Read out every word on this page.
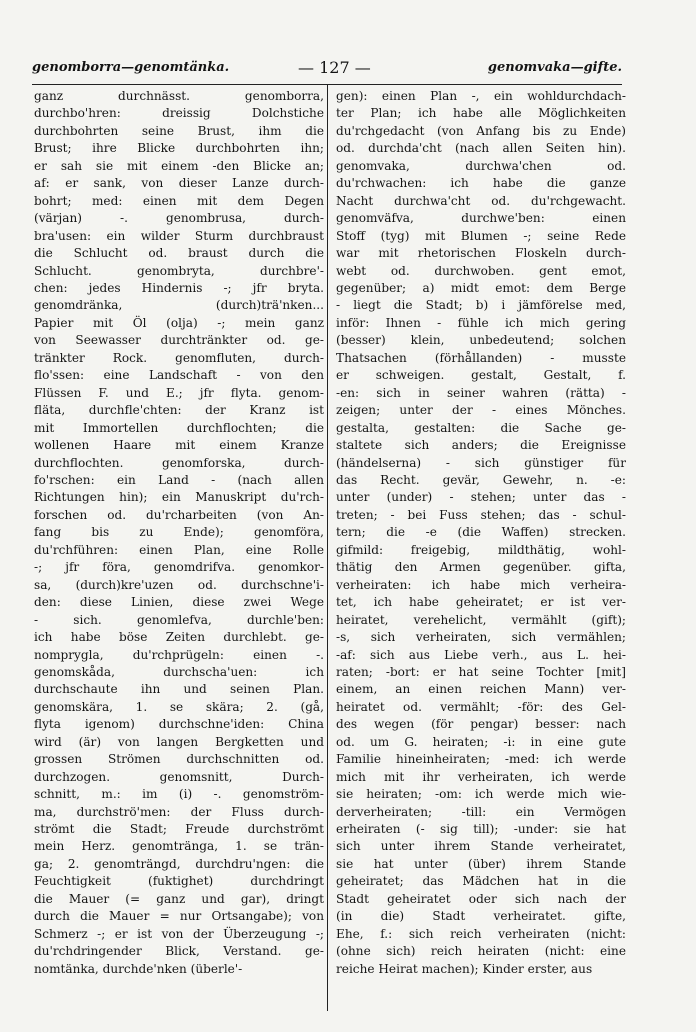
genomborra—genomtänka.	— 127 —	genomvaka—gifte.
ganz durchnässt. genomborra,
durchbo'hren: dreissig Dolchstiche
durchbohrten seine Brust, ihm die
Brust; ihre Blicke durchbohrten ihn;
er sah sie mit einem -den Blicke an;
af: er sank, von dieser Lanze durch-
bohrt; med: einen mit dem Degen
(värjan) -. genombrusa, durch-
bra'usen: ein wilder Sturm durchbraust
die Schlucht od. braust durch die
Schlucht. genombryta, durchbre'-
chen: jedes Hindernis -; jfr bryta.
genomdränka, (durch)trä'nken...
Papier mit Öl (olja) -; mein ganz
von Seewasser durchtränkter od. ge-
tränkter Rock. genomfluten, durch-
flo'ssen: eine Landschaft - von den
Flüssen F. und E.; jfr flyta. genom-
fläta, durchfle'chten: der Kranz ist
mit Immortellen durchflochten; die
wollenen Haare mit einem Kranze
durchflochten. genomforska, durch-
fo'rschen: ein Land - (nach allen
Richtungen hin); ein Manuskript du'rch-
forschen od. du'rcharbeiten (von An-
fang bis zu Ende); genomföra,
du'rchführen: einen Plan, eine Rolle
-; jfr föra, genomdrifva. genomkor-
sa, (durch)kre'uzen od. durchschne'i-
den: diese Linien, diese zwei Wege
- sich. genomlefva, durchle'ben:
ich habe böse Zeiten durchlebt. ge-
nomprygla, du'rchprügeln: einen -.
genomskåda, durchscha'uen: ich
durchschaute ihn und seinen Plan.
genomskära, 1. se skära; 2. (gå,
flyta igenom) durchschne'iden: China
wird (är) von langen Bergketten und
grossen Strömen durchschnitten od.
durchzogen. genomsnitt, Durch-
schnitt, m.: im (i) -. genomström-
ma, durchströ'men: der Fluss durch-
strömt die Stadt; Freude durchströmt
mein Herz. genomtränga, 1. se trän-
ga; 2. genomträngd, durchdru'ngen: die
Feuchtigkeit (fuktighet) durchdringt
die Mauer (= ganz und gar), dringt
durch die Mauer = nur Ortsangabe); von
Schmerz -; er ist von der Überzeugung -;
du'rchdringender Blick, Verstand. ge-
nomtänka, durchde'nken (überle'-
gen): einen Plan -, ein wohldurchdach-
ter Plan; ich habe alle Möglichkeiten
du'rchgedacht (von Anfang bis zu Ende)
od. durchda'cht (nach allen Seiten hin).
genomvaka, durchwa'chen od.
du'rchwachen: ich habe die ganze
Nacht durchwa'cht od. du'rchgewacht.
genomväfva, durchwe'ben: einen
Stoff (tyg) mit Blumen -; seine Rede
war mit rhetorischen Floskeln durch-
webt od. durchwoben. gent emot,
gegenüber; a) midt emot: dem Berge
- liegt die Stadt; b) i jämförelse med,
inför: Ihnen - fühle ich mich gering
(besser) klein, unbedeutend; solchen
Thatsachen (förhållanden) - musste
er schweigen. gestalt, Gestalt, f.
-en: sich in seiner wahren (rätta) -
zeigen; unter der - eines Mönches.
gestalta, gestalten: die Sache ge-
staltete sich anders; die Ereignisse
(händelserna) - sich günstiger für
das Recht. gevär, Gewehr, n. -e:
unter (under) - stehen; unter das -
treten; - bei Fuss stehen; das - schul-
tern; die -e (die Waffen) strecken.
gifmild: freigebig, mildthätig, wohl-
thätig den Armen gegenüber. gifta,
verheiraten: ich habe mich verheira-
tet, ich habe geheiratet; er ist ver-
heiratet, verehelicht, vermählt (gift);
-s, sich verheiraten, sich vermählen;
-af: sich aus Liebe verh., aus L. hei-
raten; -bort: er hat seine Tochter [mit]
einem, an einen reichen Mann) ver-
heiratet od. vermählt; -för: des Gel-
des wegen (för pengar) besser: nach
od. um G. heiraten; -i: in eine gute
Familie hineinheiraten; -med: ich werde
mich mit ihr verheiraten, ich werde
sie heiraten; -om: ich werde mich wie-
derverheiraten; -till: ein Vermögen
erheiraten (- sig till); -under: sie hat
sich unter ihrem Stande verheiratet,
sie hat unter (über) ihrem Stande
geheiratet; das Mädchen hat in die
Stadt geheiratet oder sich nach der
(in die) Stadt verheiratet. gifte,
Ehe, f.: sich reich verheiraten (nicht:
(ohne sich) reich heiraten (nicht: eine
reiche Heirat machen); Kinder erster, aus
